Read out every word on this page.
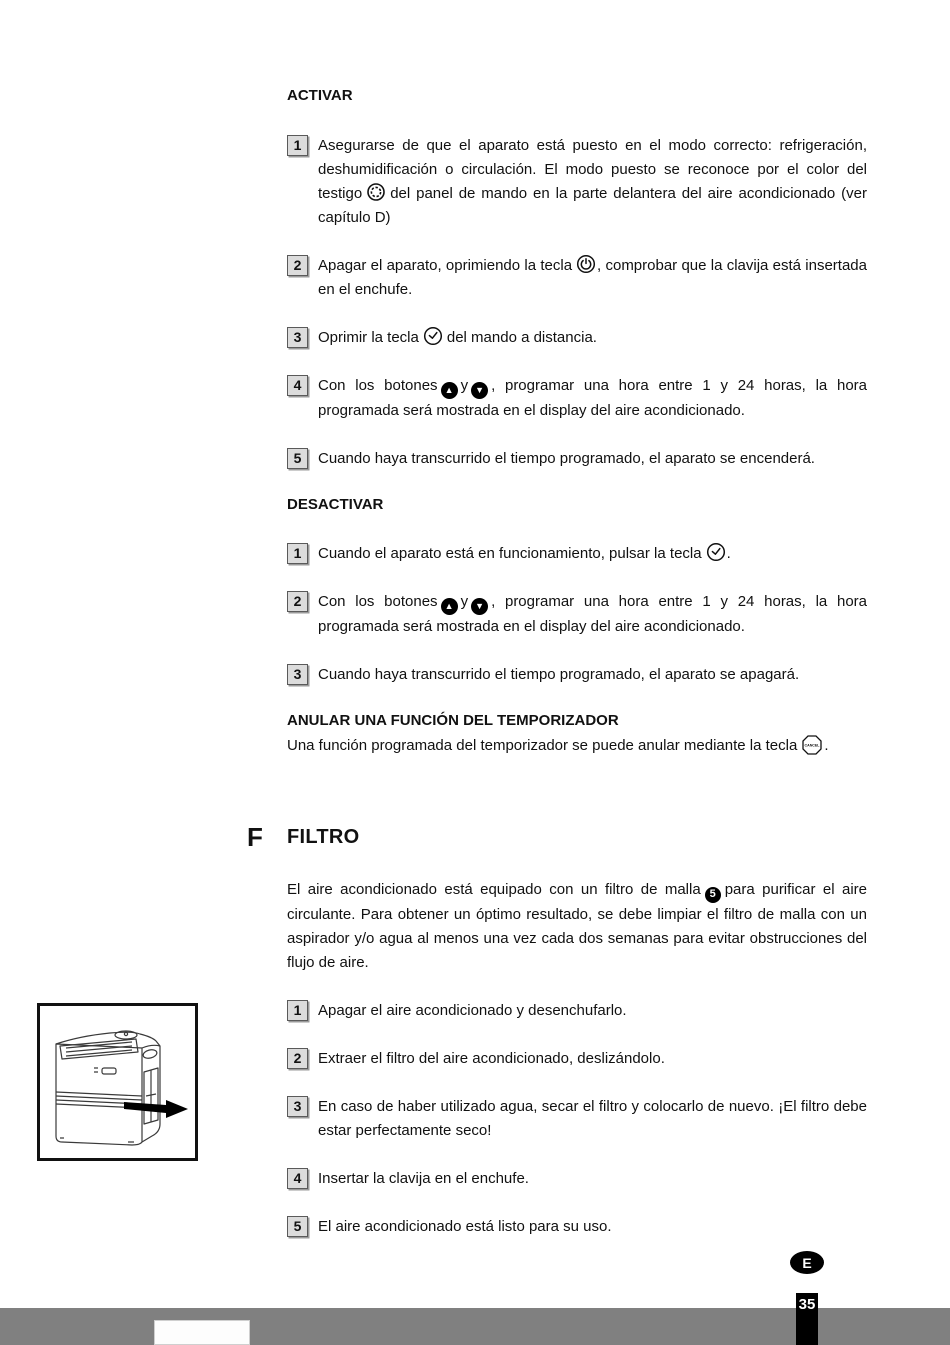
ACTIVAR
1	Asegurarse de que el aparato está puesto en el modo correcto: refrigeración, deshumidificación o circulación. El modo puesto se reconoce por el color del testigo del panel de mando en la parte delantera del aire acondicionado (ver capítulo D)

2	Apagar el aparato, oprimiendo la tecla , comprobar que la clavija está insertada en el enchufe.

3	Oprimir la tecla del mando a distancia.

4	Con los botones ▲ y ▼ , programar una hora entre 1 y 24 horas, la hora programada será mostrada en el display del aire acondicionado.

5	Cuando haya transcurrido el tiempo programado, el aparato se encenderá.

DESACTIVAR
1	Cuando el aparato está en funcionamiento, pulsar la tecla .

2	Con los botones ▲ y ▼ , programar una hora entre 1 y 24 horas, la hora programada será mostrada en el display del aire acondicionado.

3	Cuando haya transcurrido el tiempo programado, el aparato se apagará.

ANULAR UNA FUNCIÓN DEL TEMPORIZADOR

Una función programada del temporizador se puede anular mediante la tecla CANCEL .

F FILTRO

El aire acondicionado está equipado con un filtro de malla 5 para purificar el aire circulante. Para obtener un óptimo resultado, se debe limpiar el filtro de malla con un aspirador y/o agua al menos una vez cada dos semanas para evitar obstrucciones del flujo de aire.

1	Apagar el aire acondicionado y desenchufarlo.

2	Extraer el filtro del aire acondicionado, deslizándolo.

3	En caso de haber utilizado agua, secar el filtro y colocarlo de nuevo. ¡El filtro debe estar perfectamente seco!

4	Insertar la clavija en el enchufe.

5	El aire acondicionado está listo para su uso.

E
35
